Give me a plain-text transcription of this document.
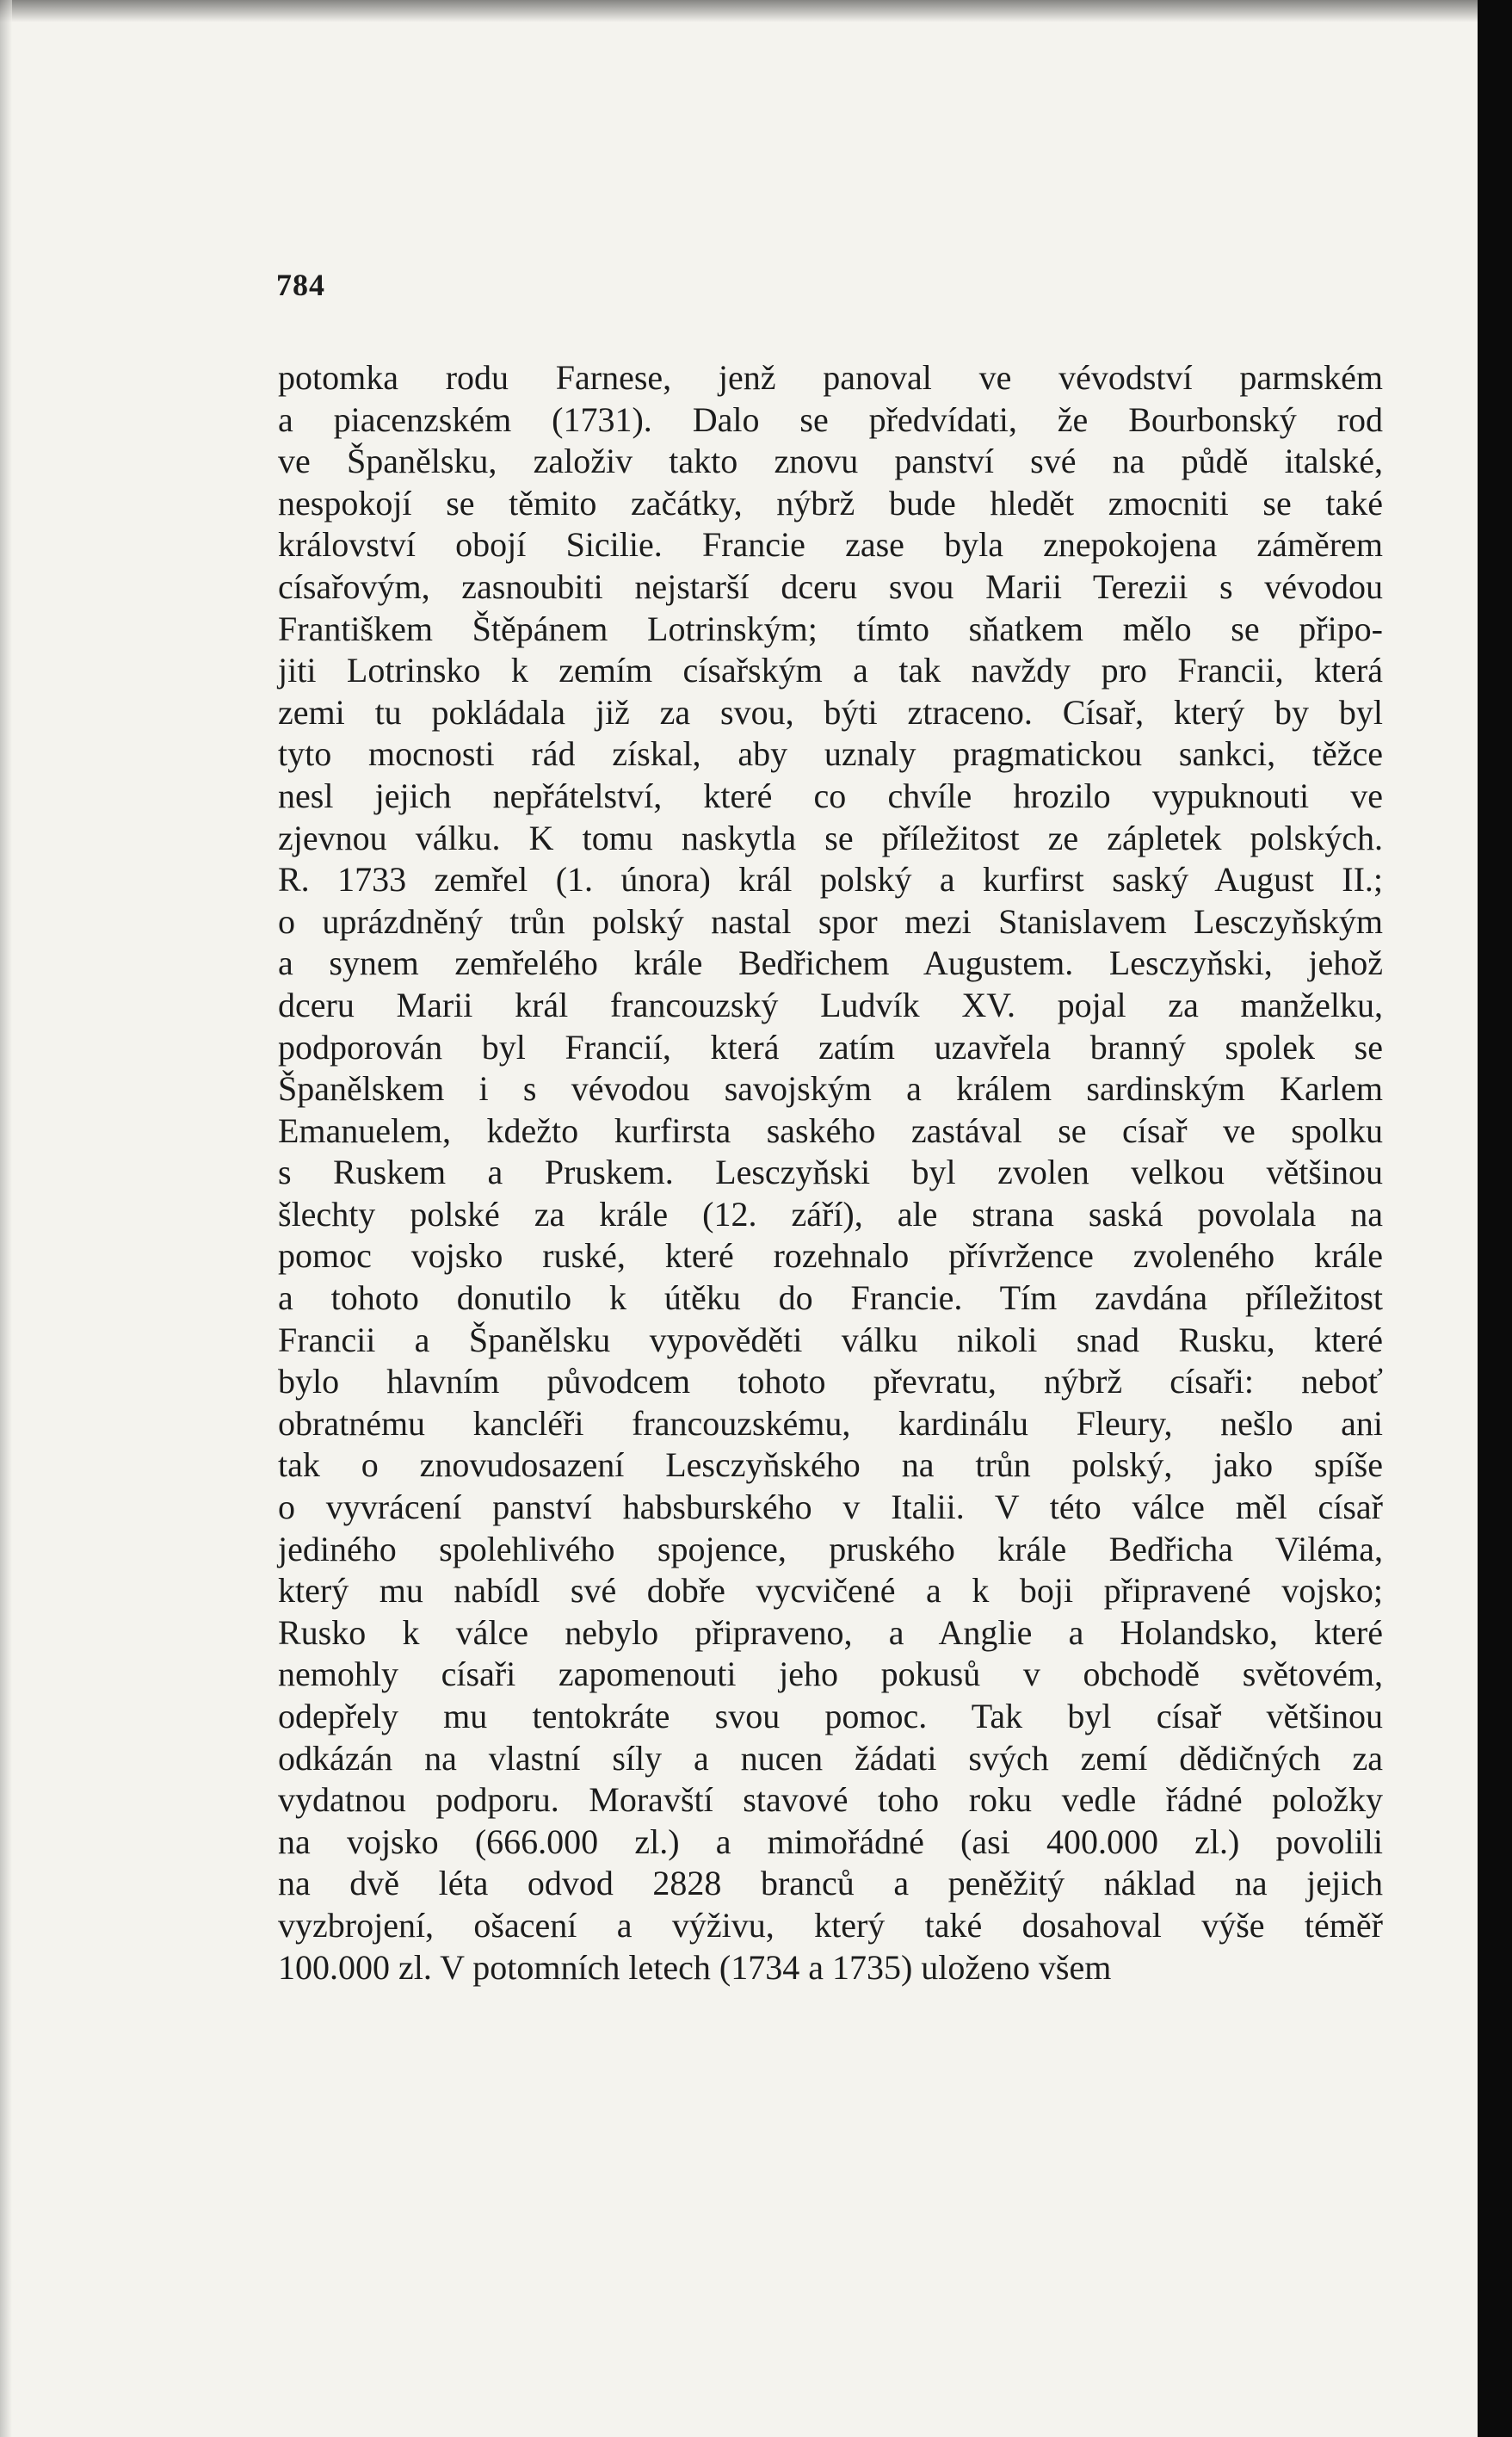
784
potomka rodu Farnese, jenž panoval ve vévodství parmském
a piacenzském (1731). Dalo se předvídati, že Bourbonský rod
ve Španělsku, založiv takto znovu panství své na půdě italské,
nespokojí se těmito začátky, nýbrž bude hledět zmocniti se také
království obojí Sicilie. Francie zase byla znepokojena záměrem
císařovým, zasnoubiti nejstarší dceru svou Marii Terezii s vévodou
Františkem Štěpánem Lotrinským; tímto sňatkem mělo se připo-
jiti Lotrinsko k zemím císařským a tak navždy pro Francii, která
zemi tu pokládala již za svou, býti ztraceno. Císař, který by byl
tyto mocnosti rád získal, aby uznaly pragmatickou sankci, těžce
nesl jejich nepřátelství, které co chvíle hrozilo vypuknouti ve
zjevnou válku. K tomu naskytla se příležitost ze zápletek polských.
R. 1733 zemřel (1. února) král polský a kurfirst saský August II.;
o uprázdněný trůn polský nastal spor mezi Stanislavem Lesczyňským
a synem zemřelého krále Bedřichem Augustem. Lesczyňski, jehož
dceru Marii král francouzský Ludvík XV. pojal za manželku,
podporován byl Francií, která zatím uzavřela branný spolek se
Španělskem i s vévodou savojským a králem sardinským Karlem
Emanuelem, kdežto kurfirsta saského zastával se císař ve spolku
s Ruskem a Pruskem. Lesczyňski byl zvolen velkou většinou
šlechty polské za krále (12. září), ale strana saská povolala na
pomoc vojsko ruské, které rozehnalo přívržence zvoleného krále
a tohoto donutilo k útěku do Francie. Tím zavdána příležitost
Francii a Španělsku vypověděti válku nikoli snad Rusku, které
bylo hlavním původcem tohoto převratu, nýbrž císaři: neboť
obratnému kancléři francouzskému, kardinálu Fleury, nešlo ani
tak o znovudosazení Lesczyňského na trůn polský, jako spíše
o vyvrácení panství habsburského v Italii. V této válce měl císař
jediného spolehlivého spojence, pruského krále Bedřicha Viléma,
který mu nabídl své dobře vycvičené a k boji připravené vojsko;
Rusko k válce nebylo připraveno, a Anglie a Holandsko, které
nemohly císaři zapomenouti jeho pokusů v obchodě světovém,
odepřely mu tentokráte svou pomoc. Tak byl císař většinou
odkázán na vlastní síly a nucen žádati svých zemí dědičných za
vydatnou podporu. Moravští stavové toho roku vedle řádné položky
na vojsko (666.000 zl.) a mimořádné (asi 400.000 zl.) povolili
na dvě léta odvod 2828 branců a peněžitý náklad na jejich
vyzbrojení, ošacení a výživu, který také dosahoval výše téměř
100.000 zl. V potomních letech (1734 a 1735) uloženo všem
